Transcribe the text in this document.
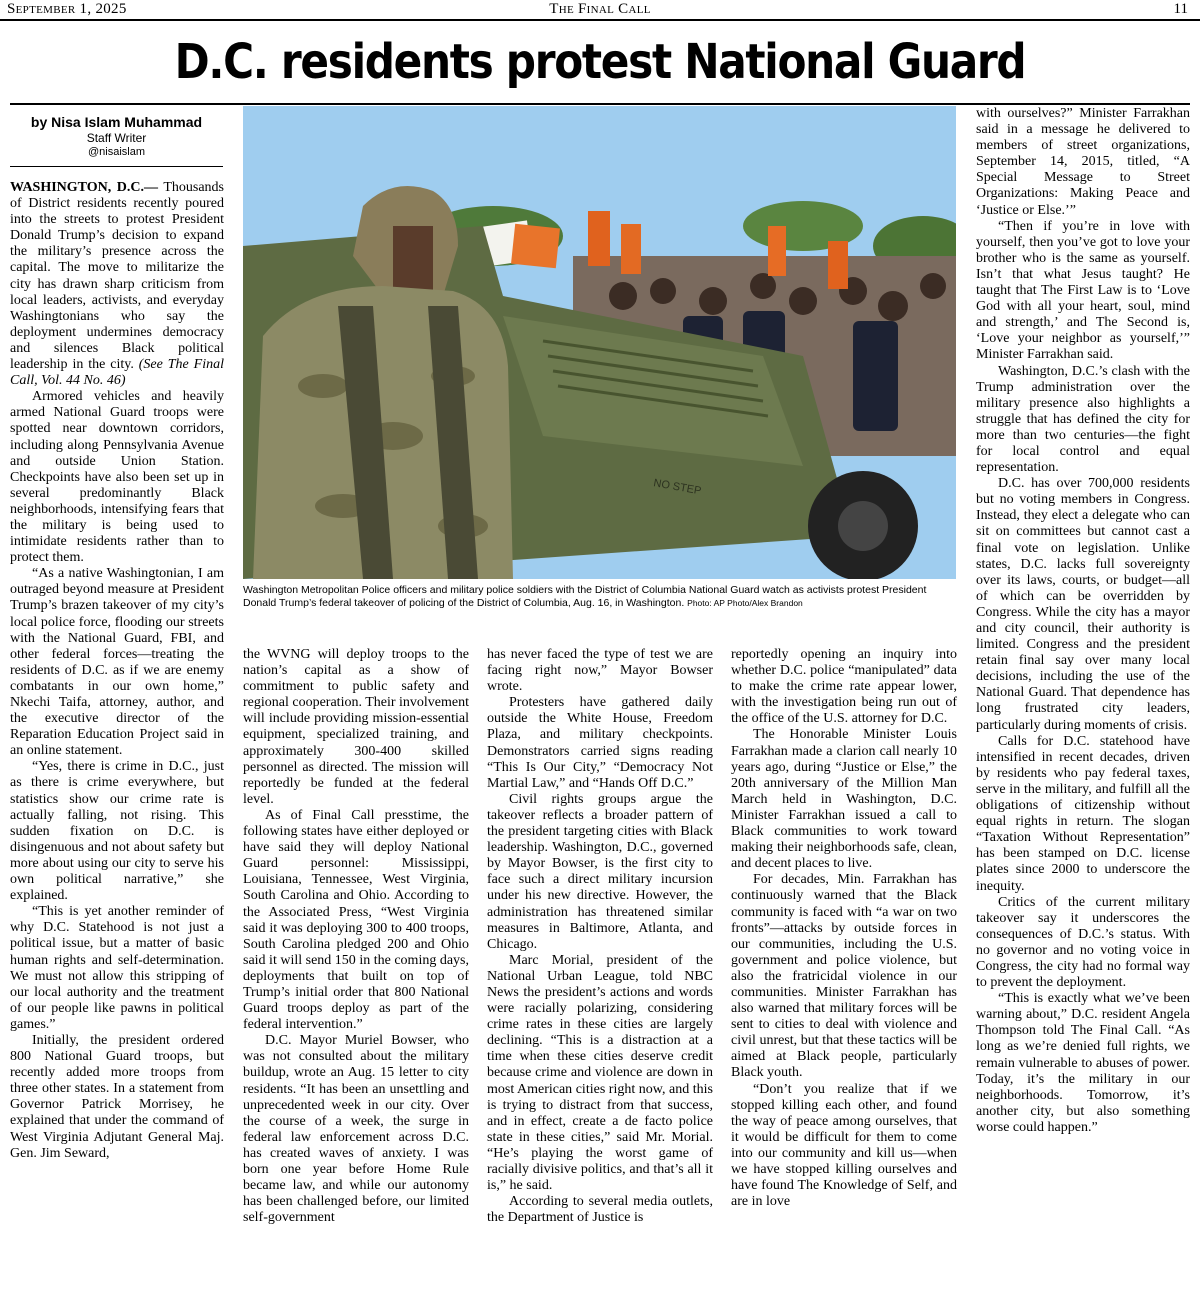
September 1, 2025	The Final Call	11
D.C. residents protest National Guard
by Nisa Islam Muhammad
Staff Writer
@nisaislam
NO STEP
Washington Metropolitan Police officers and military police soldiers with the District of Columbia National Guard watch as activists protest President Donald Trump’s federal takeover of policing of the District of Columbia, Aug. 16, in Washington. Photo: AP Photo/Alex Brandon

WASHINGTON, D.C.— Thousands of District residents recently poured into the streets to protest President Donald Trump’s decision to expand the military’s presence across the capital. The move to militarize the city has drawn sharp criticism from local leaders, activists, and everyday Washingtonians who say the deployment undermines democracy and silences Black political leadership in the city. (See The Final Call, Vol. 44 No. 46)

Armored vehicles and heavily armed National Guard troops were spotted near downtown corridors, including along Pennsylvania Avenue and outside Union Station. Checkpoints have also been set up in several predominantly Black neighborhoods, intensifying fears that the military is being used to intimidate residents rather than to protect them.

“As a native Washingtonian, I am outraged beyond measure at President Trump’s brazen takeover of my city’s local police force, flooding our streets with the National Guard, FBI, and other federal forces—treating the residents of D.C. as if we are enemy combatants in our own home,” Nkechi Taifa, attorney, author, and the executive director of the Reparation Education Project said in an online statement.

“Yes, there is crime in D.C., just as there is crime everywhere, but statistics show our crime rate is actually falling, not rising. This sudden fixation on D.C. is disingenuous and not about safety but more about using our city to serve his own political narrative,” she explained.

“This is yet another reminder of why D.C. Statehood is not just a political issue, but a matter of basic human rights and self-determination. We must not allow this stripping of our local authority and the treatment of our people like pawns in political games.”

Initially, the president ordered 800 National Guard troops, but recently added more troops from three other states. In a statement from Governor Patrick Morrisey, he explained that under the command of West Virginia Adjutant General Maj. Gen. Jim Seward,

the WVNG will deploy troops to the nation’s capital as a show of commitment to public safety and regional cooperation. Their involvement will include providing mission-essential equipment, specialized training, and approximately 300-400 skilled personnel as directed. The mission will reportedly be funded at the federal level.

As of Final Call presstime, the following states have either deployed or have said they will deploy National Guard personnel: Mississippi, Louisiana, Tennessee, West Virginia, South Carolina and Ohio. According to the Associated Press, “West Virginia said it was deploying 300 to 400 troops, South Carolina pledged 200 and Ohio said it will send 150 in the coming days, deployments that built on top of Trump’s initial order that 800 National Guard troops deploy as part of the federal intervention.”

D.C. Mayor Muriel Bowser, who was not consulted about the military buildup, wrote an Aug. 15 letter to city residents. “It has been an unsettling and unprecedented week in our city. Over the course of a week, the surge in federal law enforcement across D.C. has created waves of anxiety. I was born one year before Home Rule became law, and while our autonomy has been challenged before, our limited self-government

has never faced the type of test we are facing right now,” Mayor Bowser wrote.

Protesters have gathered daily outside the White House, Freedom Plaza, and military checkpoints. Demonstrators carried signs reading “This Is Our City,” “Democracy Not Martial Law,” and “Hands Off D.C.”

Civil rights groups argue the takeover reflects a broader pattern of the president targeting cities with Black leadership. Washington, D.C., governed by Mayor Bowser, is the first city to face such a direct military incursion under his new directive. However, the administration has threatened similar measures in Baltimore, Atlanta, and Chicago.

Marc Morial, president of the National Urban League, told NBC News the president’s actions and words were racially polarizing, considering crime rates in these cities are largely declining. “This is a distraction at a time when these cities deserve credit because crime and violence are down in most American cities right now, and this is trying to distract from that success, and in effect, create a de facto police state in these cities,” said Mr. Morial. “He’s playing the worst game of racially divisive politics, and that’s all it is,” he said.

According to several media outlets, the Department of Justice is

reportedly opening an inquiry into whether D.C. police “manipulated” data to make the crime rate appear lower, with the investigation being run out of the office of the U.S. attorney for D.C.

The Honorable Minister Louis Farrakhan made a clarion call nearly 10 years ago, during “Justice or Else,” the 20th anniversary of the Million Man March held in Washington, D.C. Minister Farrakhan issued a call to Black communities to work toward making their neighborhoods safe, clean, and decent places to live.

For decades, Min. Farrakhan has continuously warned that the Black community is faced with “a war on two fronts”—attacks by outside forces in our communities, including the U.S. government and police violence, but also the fratricidal violence in our communities. Minister Farrakhan has also warned that military forces will be sent to cities to deal with violence and civil unrest, but that these tactics will be aimed at Black people, particularly Black youth.

“Don’t you realize that if we stopped killing each other, and found the way of peace among ourselves, that it would be difficult for them to come into our community and kill us—when we have stopped killing ourselves and have found The Knowledge of Self, and are in love

with ourselves?” Minister Farrakhan said in a message he delivered to members of street organizations, September 14, 2015, titled, “A Special Message to Street Organizations: Making Peace and ‘Justice or Else.’”

“Then if you’re in love with yourself, then you’ve got to love your brother who is the same as yourself. Isn’t that what Jesus taught? He taught that The First Law is to ‘Love God with all your heart, soul, mind and strength,’ and The Second is, ‘Love your neighbor as yourself,’” Minister Farrakhan said.

Washington, D.C.’s clash with the Trump administration over the military presence also highlights a struggle that has defined the city for more than two centuries—the fight for local control and equal representation.

D.C. has over 700,000 residents but no voting members in Congress. Instead, they elect a delegate who can sit on committees but cannot cast a final vote on legislation. Unlike states, D.C. lacks full sovereignty over its laws, courts, or budget—all of which can be overridden by Congress. While the city has a mayor and city council, their authority is limited. Congress and the president retain final say over many local decisions, including the use of the National Guard. That dependence has long frustrated city leaders, particularly during moments of crisis.

Calls for D.C. statehood have intensified in recent decades, driven by residents who pay federal taxes, serve in the military, and fulfill all the obligations of citizenship without equal rights in return. The slogan “Taxation Without Representation” has been stamped on D.C. license plates since 2000 to underscore the inequity.

Critics of the current military takeover say it underscores the consequences of D.C.’s status. With no governor and no voting voice in Congress, the city had no formal way to prevent the deployment.

“This is exactly what we’ve been warning about,” D.C. resident Angela Thompson told The Final Call. “As long as we’re denied full rights, we remain vulnerable to abuses of power. Today, it’s the military in our neighborhoods. Tomorrow, it’s another city, but also something worse could happen.”
